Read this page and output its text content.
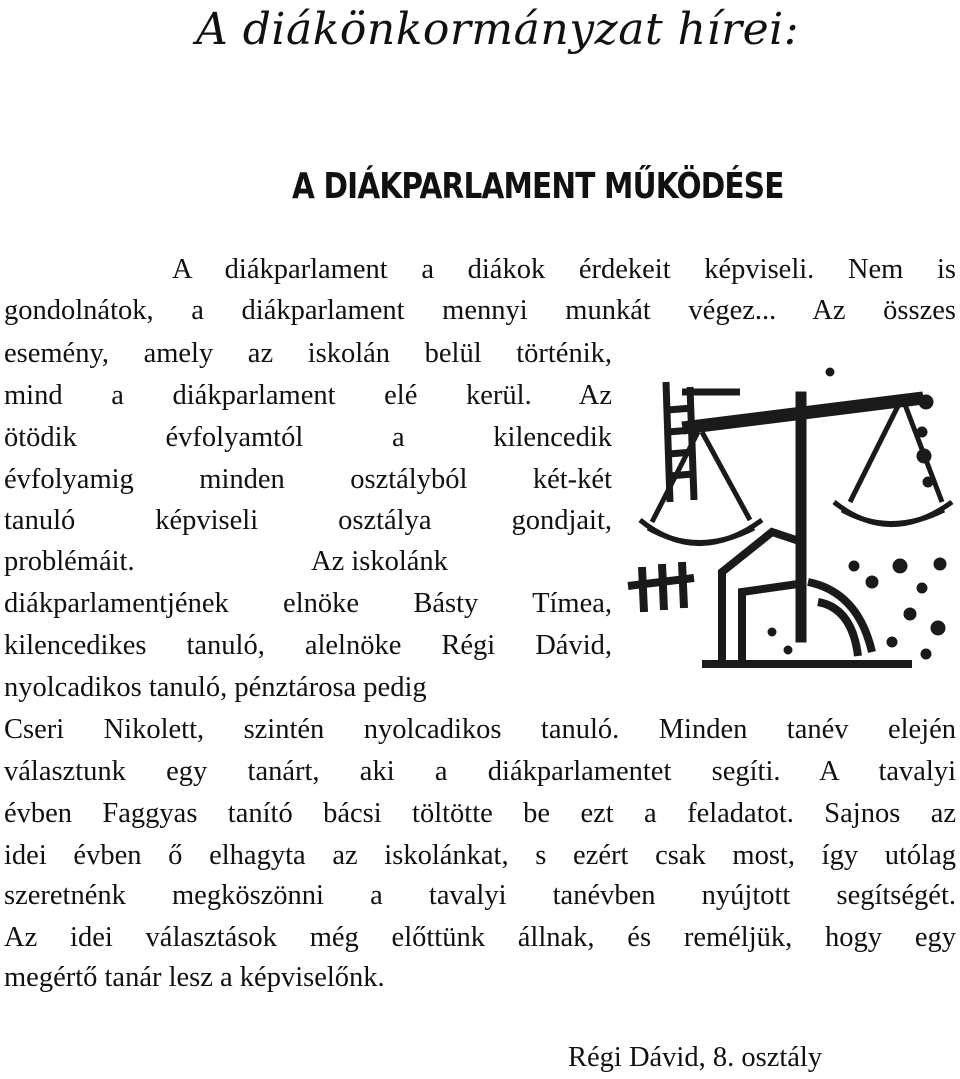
A diákönkormányzat hírei:
A DIÁKPARLAMENT MŰKÖDÉSE
A diákparlament a diákok érdekeit képviseli. Nem is
gondolnátok, a diákparlament mennyi munkát végez... Az összes
esemény, amely az iskolán belül történik,
mind a diákparlament elé kerül. Az
ötödik évfolyamtól a kilencedik
évfolyamig minden osztályból két-két
tanuló képviseli osztálya gondjait,
problémáit.	Az iskolánk
diákparlamentjének elnöke Básty Tímea,
kilencedikes tanuló, alelnöke Régi Dávid,
nyolcadikos tanuló, pénztárosa pedig
Cseri Nikolett, szintén nyolcadikos tanuló. Minden tanév elején
választunk egy tanárt, aki a diákparlamentet segíti. A tavalyi
évben Faggyas tanító bácsi töltötte be ezt a feladatot. Sajnos az
idei évben ő elhagyta az iskolánkat, s ezért csak most, így utólag
szeretnénk megköszönni a tavalyi tanévben nyújtott segítségét.
Az idei választások még előttünk állnak, és reméljük, hogy egy
megértő tanár lesz a képviselőnk.
Régi Dávid, 8. osztály
